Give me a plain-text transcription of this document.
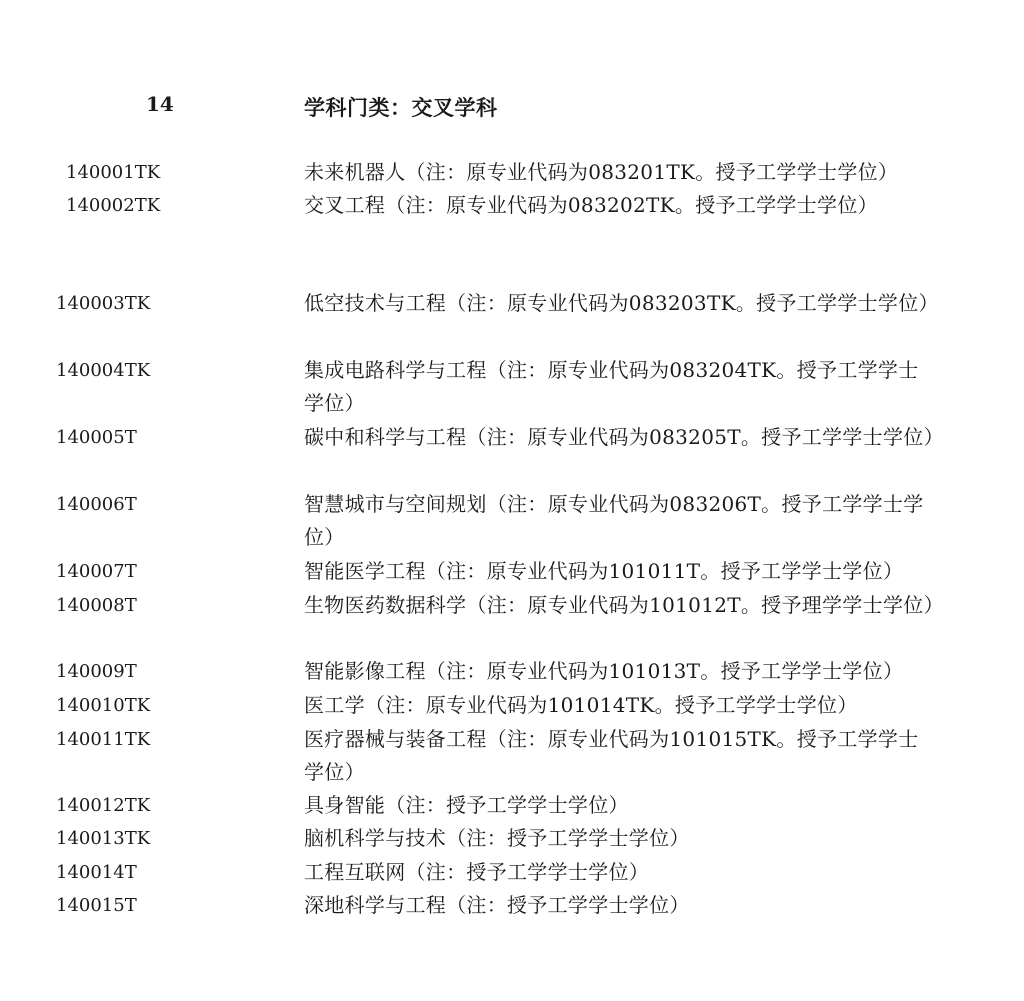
14	学科门类：交叉学科
140001TK	未来机器人（注：原专业代码为083201TK。授予工学学士学位）
140002TK	交叉工程（注：原专业代码为083202TK。授予工学学士学位）
140003TK	低空技术与工程（注：原专业代码为083203TK。授予工学学士学位）
140004TK	集成电路科学与工程（注：原专业代码为083204TK。授予工学学士学位）
140005T	碳中和科学与工程（注：原专业代码为083205T。授予工学学士学位）
140006T	智慧城市与空间规划（注：原专业代码为083206T。授予工学学士学位）
140007T	智能医学工程（注：原专业代码为101011T。授予工学学士学位）
140008T	生物医药数据科学（注：原专业代码为101012T。授予理学学士学位）
140009T	智能影像工程（注：原专业代码为101013T。授予工学学士学位）
140010TK	医工学（注：原专业代码为101014TK。授予工学学士学位）
140011TK	医疗器械与装备工程（注：原专业代码为101015TK。授予工学学士学位）
140012TK	具身智能（注：授予工学学士学位）
140013TK	脑机科学与技术（注：授予工学学士学位）
140014T	工程互联网（注：授予工学学士学位）
140015T	深地科学与工程（注：授予工学学士学位）
